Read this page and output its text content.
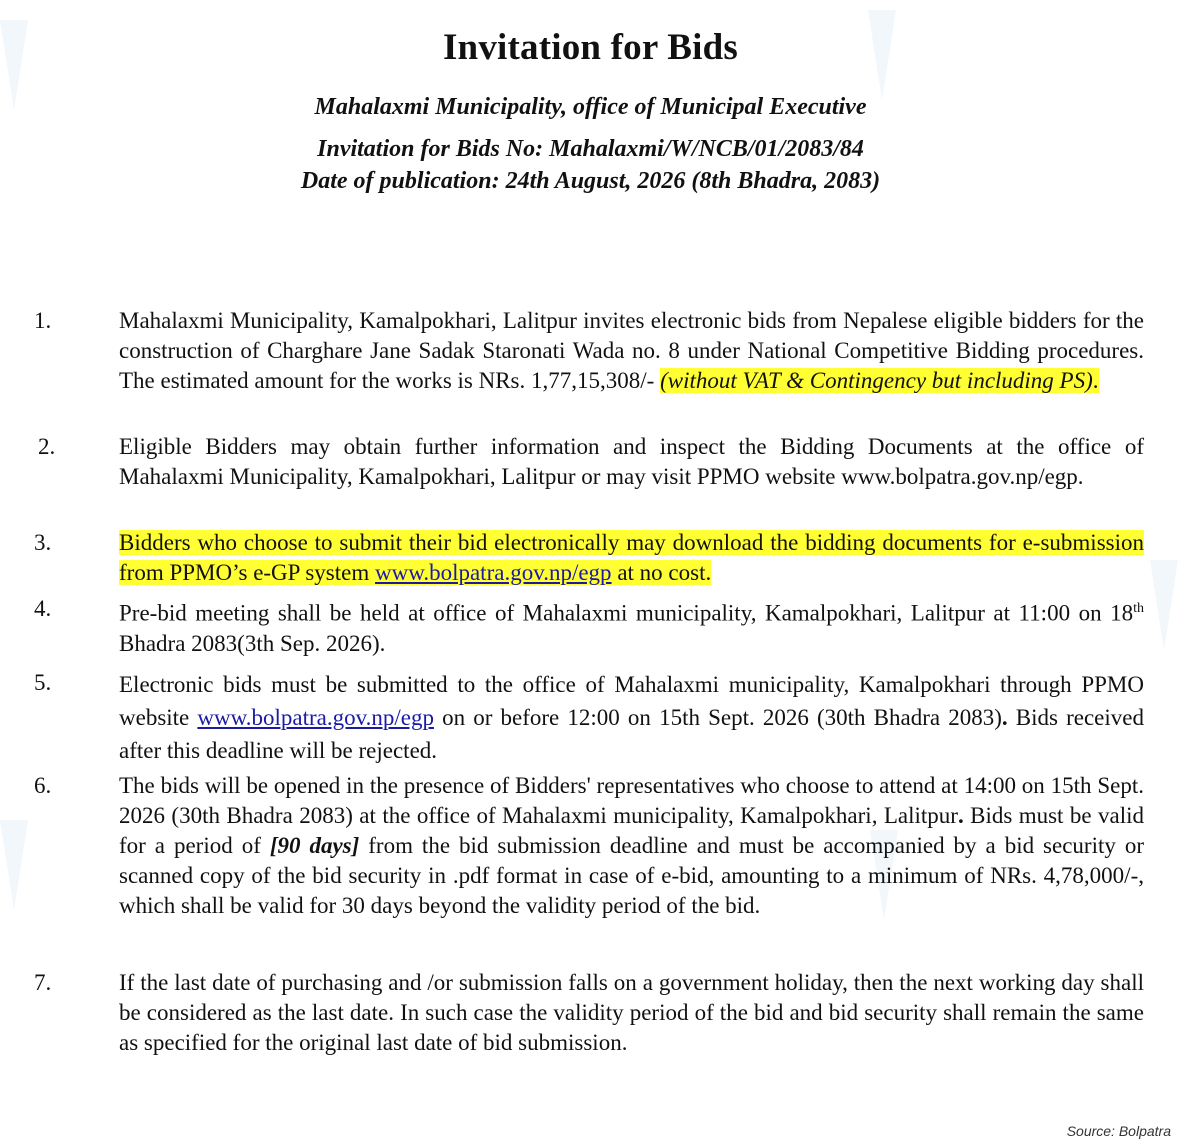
Invitation for Bids
Mahalaxmi Municipality, office of Municipal Executive
Invitation for Bids No: Mahalaxmi/W/NCB/01/2083/84
Date of publication: 24th August, 2026 (8th Bhadra, 2083)
1.	Mahalaxmi Municipality, Kamalpokhari, Lalitpur invites electronic bids from Nepalese eligible bidders for the construction of Charghare Jane Sadak Staronati Wada no. 8 under National Competitive Bidding procedures. The estimated amount for the works is NRs. 1,77,15,308/- (without VAT & Contingency but including PS).
2.	Eligible Bidders may obtain further information and inspect the Bidding Documents at the office of Mahalaxmi Municipality, Kamalpokhari, Lalitpur or may visit PPMO website www.bolpatra.gov.np/egp.
3.	Bidders who choose to submit their bid electronically may download the bidding documents for e-submission from PPMO’s e-GP system www.bolpatra.gov.np/egp at no cost.
4.	Pre-bid meeting shall be held at office of Mahalaxmi municipality, Kamalpokhari, Lalitpur at 11:00 on 18th Bhadra 2083(3th Sep. 2026).
5.	Electronic bids must be submitted to the office of Mahalaxmi municipality, Kamalpokhari through PPMO website www.bolpatra.gov.np/egp on or before 12:00 on 15th Sept. 2026 (30th Bhadra 2083). Bids received after this deadline will be rejected.
6.	The bids will be opened in the presence of Bidders' representatives who choose to attend at 14:00 on 15th Sept. 2026 (30th Bhadra 2083) at the office of Mahalaxmi municipality, Kamalpokhari, Lalitpur. Bids must be valid for a period of [90 days] from the bid submission deadline and must be accompanied by a bid security or scanned copy of the bid security in .pdf format in case of e-bid, amounting to a minimum of NRs. 4,78,000/-, which shall be valid for 30 days beyond the validity period of the bid.
7.	If the last date of purchasing and /or submission falls on a government holiday, then the next working day shall be considered as the last date. In such case the validity period of the bid and bid security shall remain the same as specified for the original last date of bid submission.
Source: Bolpatra
